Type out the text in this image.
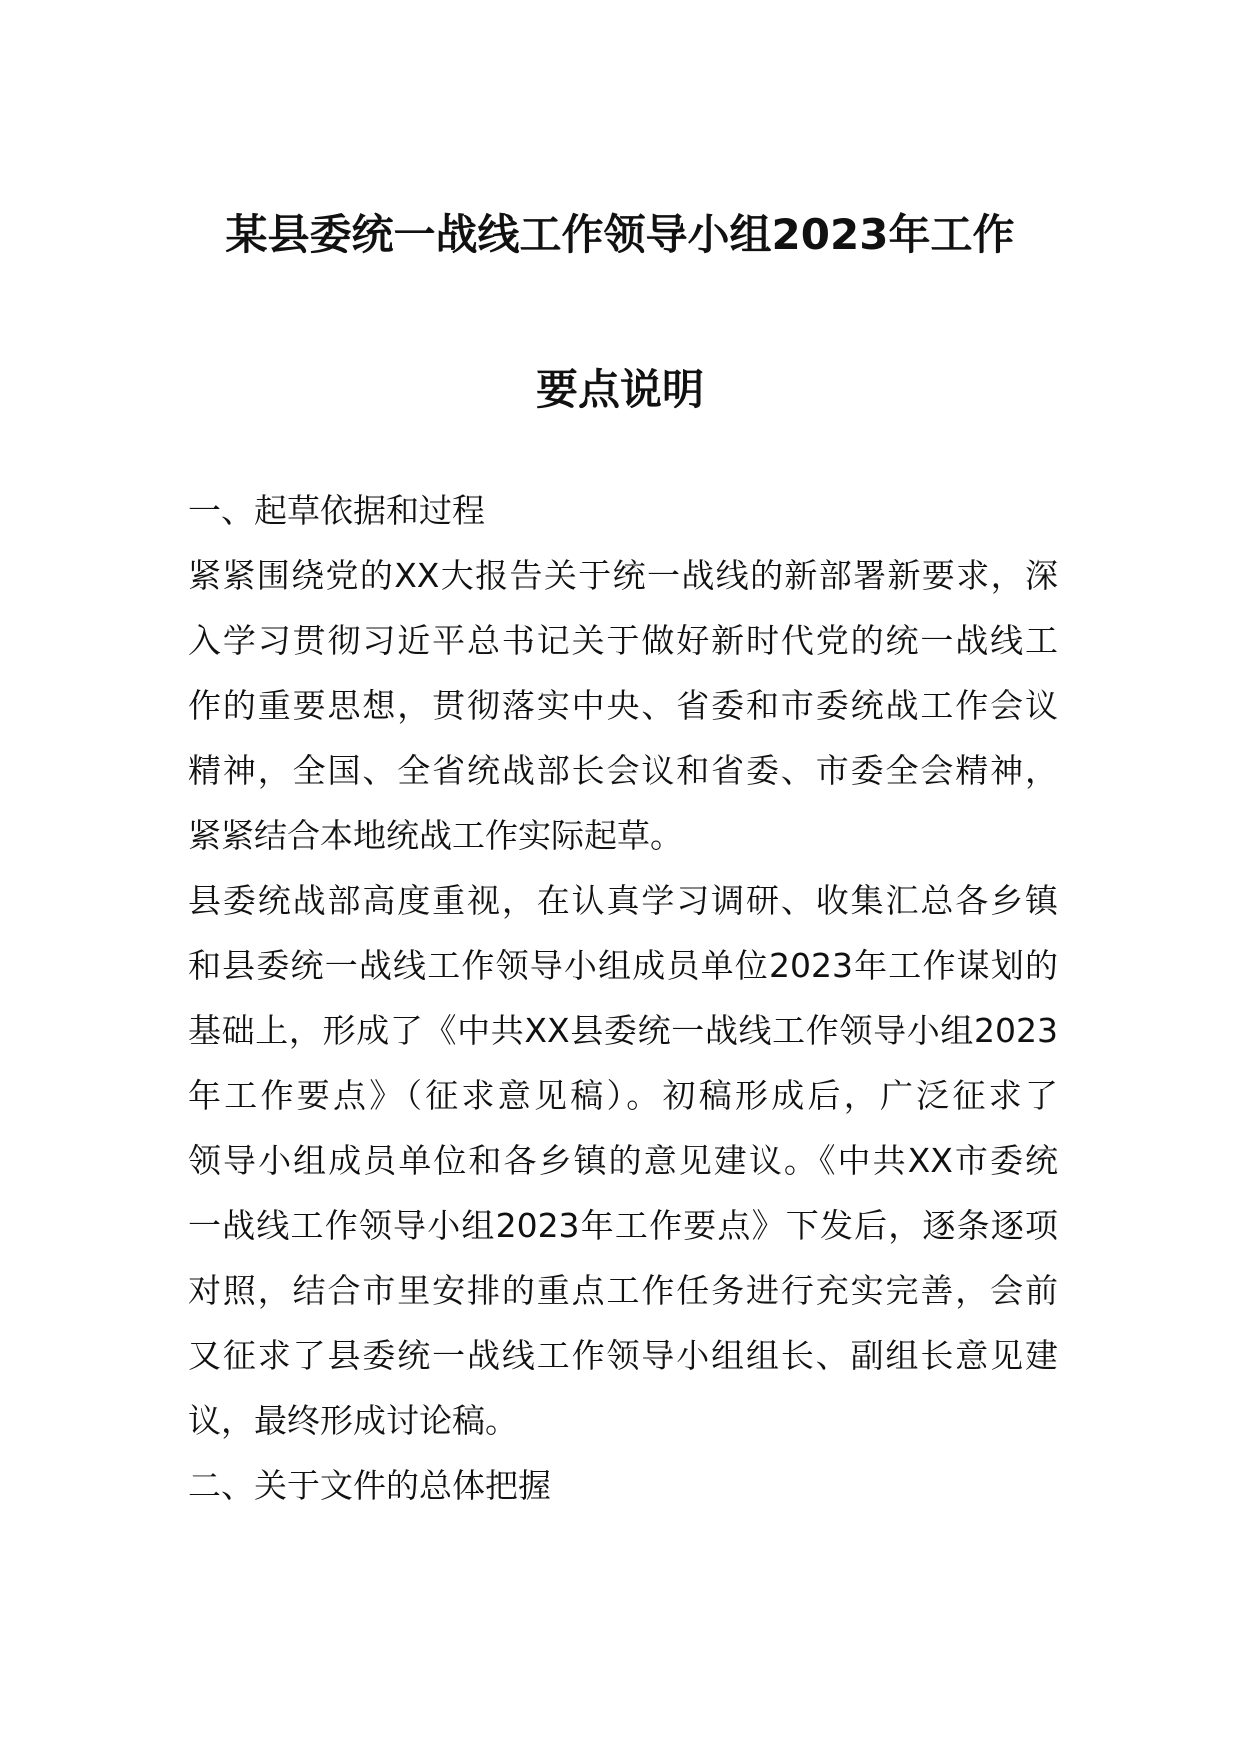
某县委统一战线工作领导小组2023年工作
要点说明
一、起草依据和过程
紧紧围绕党的XX大报告关于统一战线的新部署新要求，深
入学习贯彻习近平总书记关于做好新时代党的统一战线工
作的重要思想，贯彻落实中央、省委和市委统战工作会议
精神，全国、全省统战部长会议和省委、市委全会精神，
紧紧结合本地统战工作实际起草。
县委统战部高度重视，在认真学习调研、收集汇总各乡镇
和县委统一战线工作领导小组成员单位2023年工作谋划的
基础上，形成了《中共XX县委统一战线工作领导小组2023
年工作要点》（征求意见稿）。初稿形成后，广泛征求了
领导小组成员单位和各乡镇的意见建议。《中共XX市委统
一战线工作领导小组2023年工作要点》下发后，逐条逐项
对照，结合市里安排的重点工作任务进行充实完善，会前
又征求了县委统一战线工作领导小组组长、副组长意见建
议，最终形成讨论稿。
二、关于文件的总体把握
